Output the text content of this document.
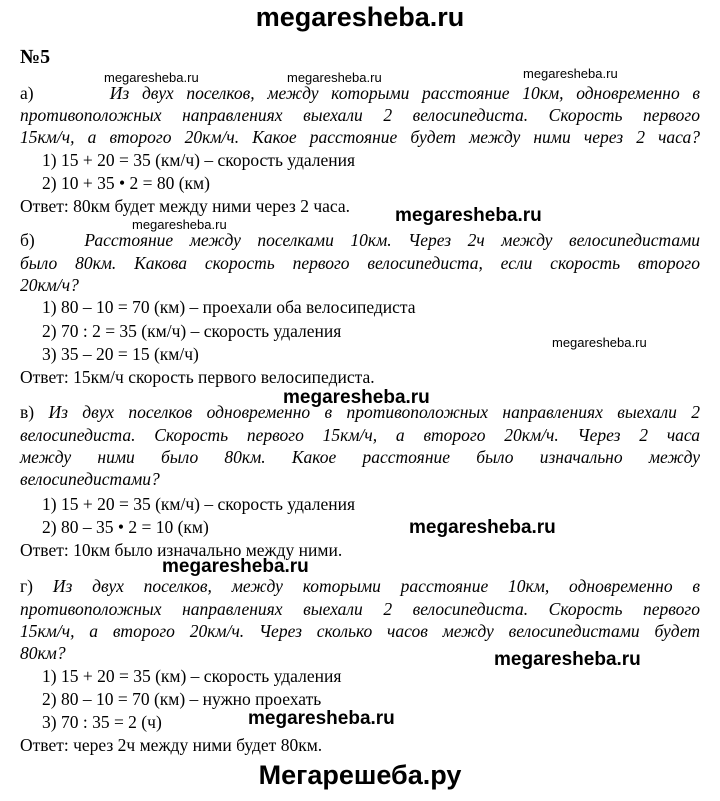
megaresheba.ru
Мегарешеба.ру
№5
megaresheba.ru	megaresheba.ru	megaresheba.ru
megaresheba.ru	megaresheba.ru
megaresheba.ru
megaresheba.ru
megaresheba.ru
megaresheba.ru
megaresheba.ru
megaresheba.ru
а)	Из двух поселков, между которыми расстояние 10км, одновременно в
противоположных направлениях выехали 2 велосипедиста. Скорость первого
15км/ч, а второго 20км/ч. Какое расстояние будет между ними через 2 часа?
1) 15 + 20 = 35 (км/ч) – скорость удаления
2) 10 + 35 • 2 = 80 (км)
Ответ: 80км будет между ними через 2 часа.
б)	Расстояние между поселками 10км. Через 2ч между велосипедистами
было 80км. Какова скорость первого велосипедиста, если скорость второго
20км/ч?
1) 80 – 10 = 70 (км) – проехали оба велосипедиста
2) 70 : 2 = 35 (км/ч) – скорость удаления
3) 35 – 20 = 15 (км/ч)
Ответ: 15км/ч скорость первого велосипедиста.
в) Из двух поселков одновременно в противоположных направлениях выехали 2
велосипедиста. Скорость первого 15км/ч, а второго 20км/ч. Через 2 часа
между ними было 80км. Какое расстояние было изначально между
велосипедистами?
1) 15 + 20 = 35 (км/ч) – скорость удаления
2) 80 – 35 • 2 = 10 (км)
Ответ: 10км было изначально между ними.
г) Из двух поселков, между которыми расстояние 10км, одновременно в
противоположных направлениях выехали 2 велосипедиста. Скорость первого
15км/ч, а второго 20км/ч. Через сколько часов между велосипедистами будет
80км?
1) 15 + 20 = 35 (км) – скорость удаления
2) 80 – 10 = 70 (км) – нужно проехать
3) 70 : 35 = 2 (ч)
Ответ: через 2ч между ними будет 80км.
